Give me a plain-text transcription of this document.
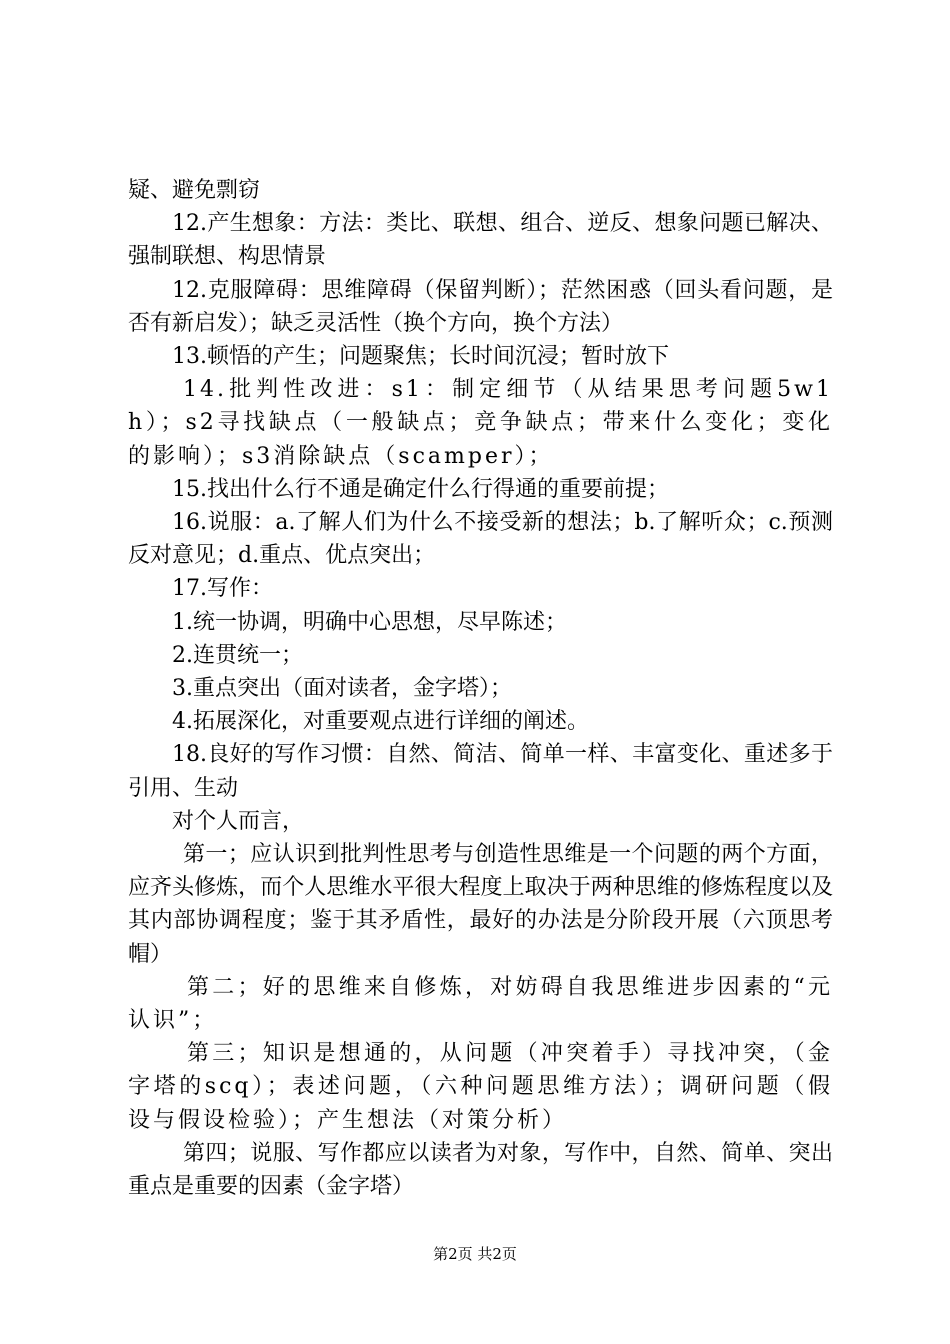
疑、避免剽窃

12.产生想象：方法：类比、联想、组合、逆反、想象问题已解决、强制联想、构思情景

12.克服障碍：思维障碍（保留判断）；茫然困惑（回头看问题，是否有新启发）；缺乏灵活性（换个方向，换个方法）

13.顿悟的产生；问题聚焦；长时间沉浸；暂时放下

14.批判性改进：s1：制定细节（从结果思考问题5w1h）；s2寻找缺点（一般缺点；竞争缺点；带来什么变化；变化的影响）；s3消除缺点（scamper）；

15.找出什么行不通是确定什么行得通的重要前提；

16.说服：a.了解人们为什么不接受新的想法；b.了解听众；c.预测反对意见；d.重点、优点突出；

17.写作：

1.统一协调，明确中心思想，尽早陈述；

2.连贯统一；

3.重点突出（面对读者，金字塔）；

4.拓展深化，对重要观点进行详细的阐述。

18.良好的写作习惯：自然、简洁、简单一样、丰富变化、重述多于引用、生动

对个人而言，

第一；应认识到批判性思考与创造性思维是一个问题的两个方面，应齐头修炼，而个人思维水平很大程度上取决于两种思维的修炼程度以及其内部协调程度；鉴于其矛盾性，最好的办法是分阶段开展（六顶思考帽）

第二；好的思维来自修炼，对妨碍自我思维进步因素的“元认识”；

第三；知识是想通的，从问题（冲突着手）寻找冲突，（金字塔的scq）；表述问题，（六种问题思维方法）；调研问题（假设与假设检验）；产生想法（对策分析）

第四；说服、写作都应以读者为对象，写作中，自然、简单、突出重点是重要的因素（金字塔）

第2页 共2页
